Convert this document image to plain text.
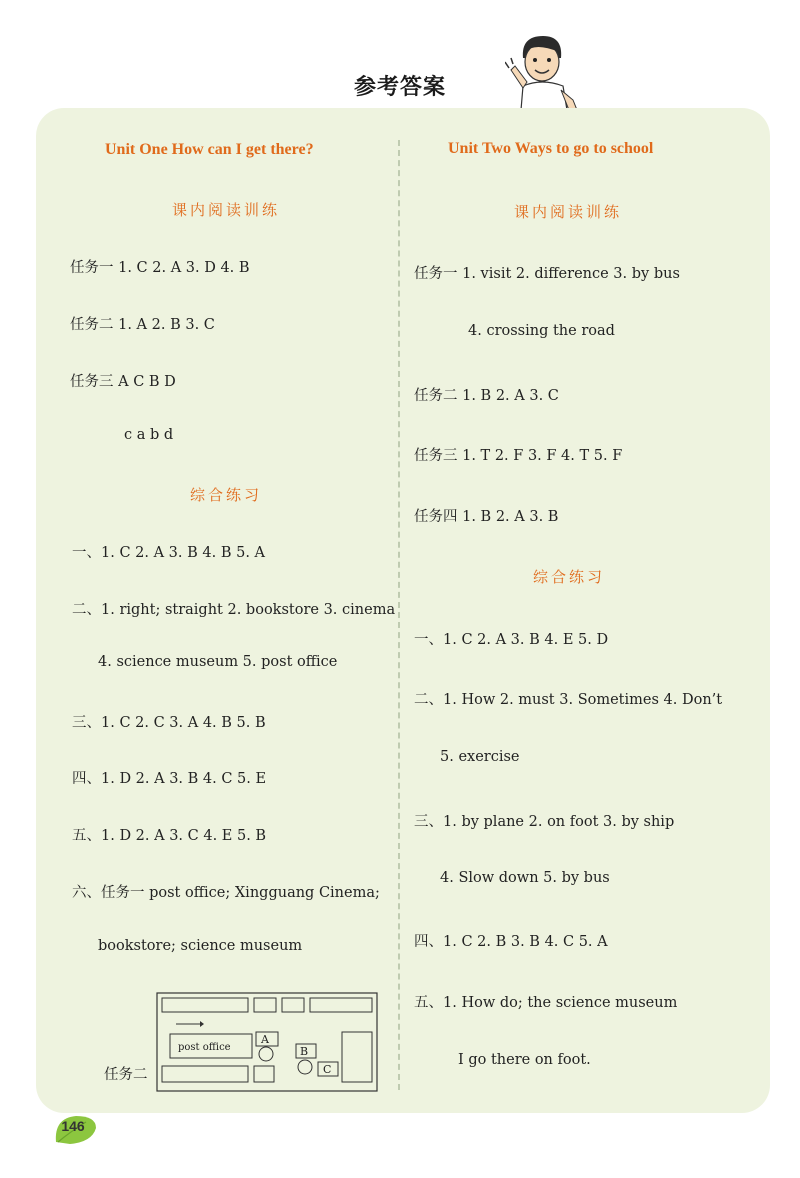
参考答案
Unit One How can I get there?
课内阅读训练
任务一 1. C 2. A 3. D 4. B
任务二 1. A 2. B 3. C
任务三 A C B D
c a b d
综合练习
一、1. C 2. A 3. B 4. B 5. A
二、1. right; straight 2. bookstore 3. cinema
4. science museum 5. post office
三、1. C 2. C 3. A 4. B 5. B
四、1. D 2. A 3. B 4. C 5. E
五、1. D 2. A 3. C 4. E 5. B
六、任务一 post office; Xingguang Cinema;
bookstore; science museum
任务二
post office
A
B
C
Unit Two Ways to go to school
课内阅读训练
任务一 1. visit 2. difference 3. by bus
4. crossing the road
任务二 1. B 2. A 3. C
任务三 1. T 2. F 3. F 4. T 5. F
任务四 1. B 2. A 3. B
综合练习
一、1. C 2. A 3. B 4. E 5. D
二、1. How 2. must 3. Sometimes 4. Don’t
5. exercise
三、1. by plane 2. on foot 3. by ship
4. Slow down 5. by bus
四、1. C 2. B 3. B 4. C 5. A
五、1. How do; the science museum
I go there on foot.
146
